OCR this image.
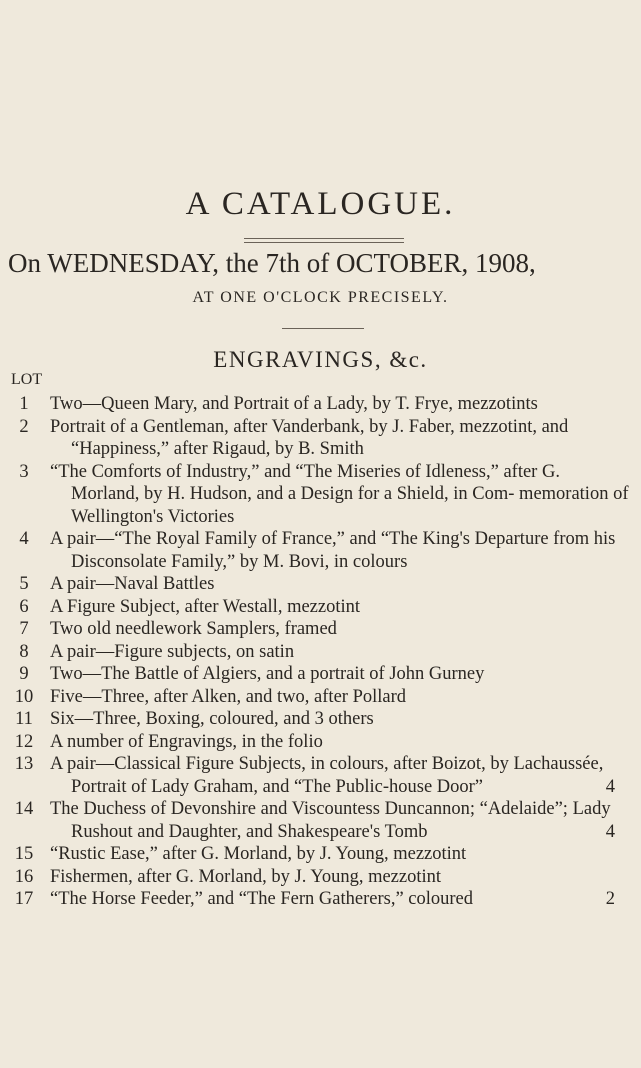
A CATALOGUE.
On WEDNESDAY, the 7th of OCTOBER, 1908,
AT ONE O'CLOCK PRECISELY.
ENGRAVINGS, &c.
LOT
1	Two—Queen Mary, and Portrait of a Lady, by T. Frye, mezzotints
2	Portrait of a Gentleman, after Vanderbank, by J. Faber, mezzotint, and “Happiness,” after Rigaud, by B. Smith
3	“The Comforts of Industry,” and “The Miseries of Idleness,” after G. Morland, by H. Hudson, and a Design for a Shield, in Com- memoration of Wellington's Victories
4	A pair—“The Royal Family of France,” and “The King's Departure from his Disconsolate Family,” by M. Bovi, in colours
5	A pair—Naval Battles
6	A Figure Subject, after Westall, mezzotint
7	Two old needlework Samplers, framed
8	A pair—Figure subjects, on satin
9	Two—The Battle of Algiers, and a portrait of John Gurney
10 Five—Three, after Alken, and two, after Pollard
11 Six—Three, Boxing, coloured, and 3 others
12 A number of Engravings, in the folio
13 A pair—Classical Figure Subjects, in colours, after Boizot, by Lachaussée, Portrait of Lady Graham, and “The Public-house Door”	4
14 The Duchess of Devonshire and Viscountess Duncannon; “Adelaide”; Lady Rushout and Daughter, and Shakespeare's Tomb	4
15 “Rustic Ease,” after G. Morland, by J. Young, mezzotint
16 Fishermen, after G. Morland, by J. Young, mezzotint
17 “The Horse Feeder,” and “The Fern Gatherers,” coloured	2
